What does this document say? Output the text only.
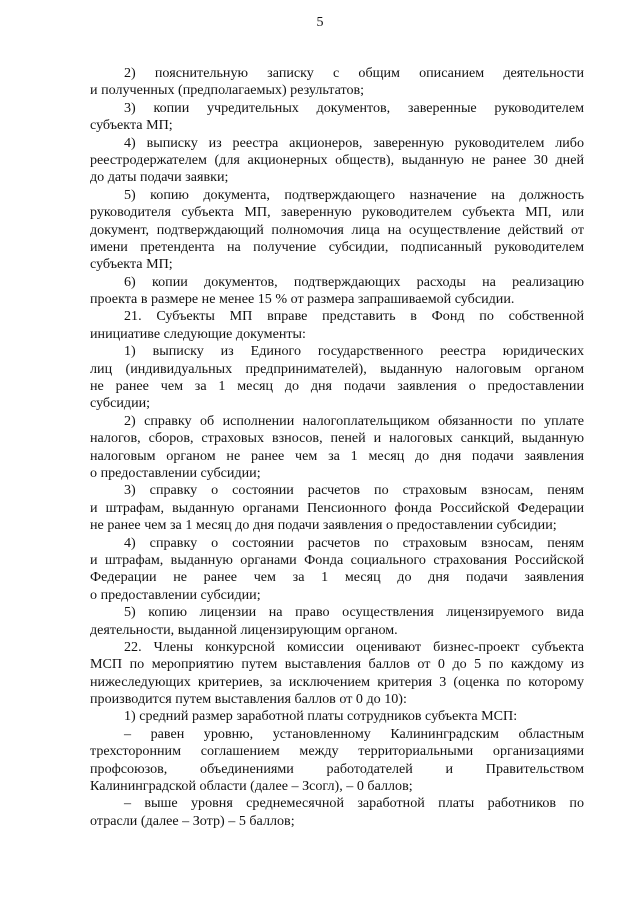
5
2) пояснительную записку с общим описанием деятельности
и полученных (предполагаемых) результатов;
3) копии учредительных документов, заверенные руководителем
субъекта МП;
4) выписку из реестра акционеров, заверенную руководителем либо
реестродержателем (для акционерных обществ), выданную не ранее 30 дней
до даты подачи заявки;
5) копию документа, подтверждающего назначение на должность
руководителя субъекта МП, заверенную руководителем субъекта МП, или
документ, подтверждающий полномочия лица на осуществление действий от
имени претендента на получение субсидии, подписанный руководителем
субъекта МП;
6) копии документов, подтверждающих расходы на реализацию
проекта в размере не менее 15 % от размера запрашиваемой субсидии.
21. Субъекты МП вправе представить в Фонд по собственной
инициативе следующие документы:
1) выписку из Единого государственного реестра юридических
лиц (индивидуальных предпринимателей), выданную налоговым органом
не ранее чем за 1 месяц до дня подачи заявления о предоставлении
субсидии;
2) справку об исполнении налогоплательщиком обязанности по уплате
налогов, сборов, страховых взносов, пеней и налоговых санкций, выданную
налоговым органом не ранее чем за 1 месяц до дня подачи заявления
о предоставлении субсидии;
3) справку о состоянии расчетов по страховым взносам, пеням
и штрафам, выданную органами Пенсионного фонда Российской Федерации
не ранее чем за 1 месяц до дня подачи заявления о предоставлении субсидии;
4) справку о состоянии расчетов по страховым взносам, пеням
и штрафам, выданную органами Фонда социального страхования Российской
Федерации не ранее чем за 1 месяц до дня подачи заявления
о предоставлении субсидии;
5) копию лицензии на право осуществления лицензируемого вида
деятельности, выданной лицензирующим органом.
22. Члены конкурсной комиссии оценивают бизнес-проект субъекта
МСП по мероприятию путем выставления баллов от 0 до 5 по каждому из
нижеследующих критериев, за исключением критерия 3 (оценка по которому
производится путем выставления баллов от 0 до 10):
1) средний размер заработной платы сотрудников субъекта МСП:
– равен уровню, установленному Калининградским областным
трехсторонним соглашением между территориальными организациями
профсоюзов, объединениями работодателей и Правительством
Калининградской области (далее – Зсогл), – 0 баллов;
– выше уровня среднемесячной заработной платы работников по
отрасли (далее – Зотр) – 5 баллов;
